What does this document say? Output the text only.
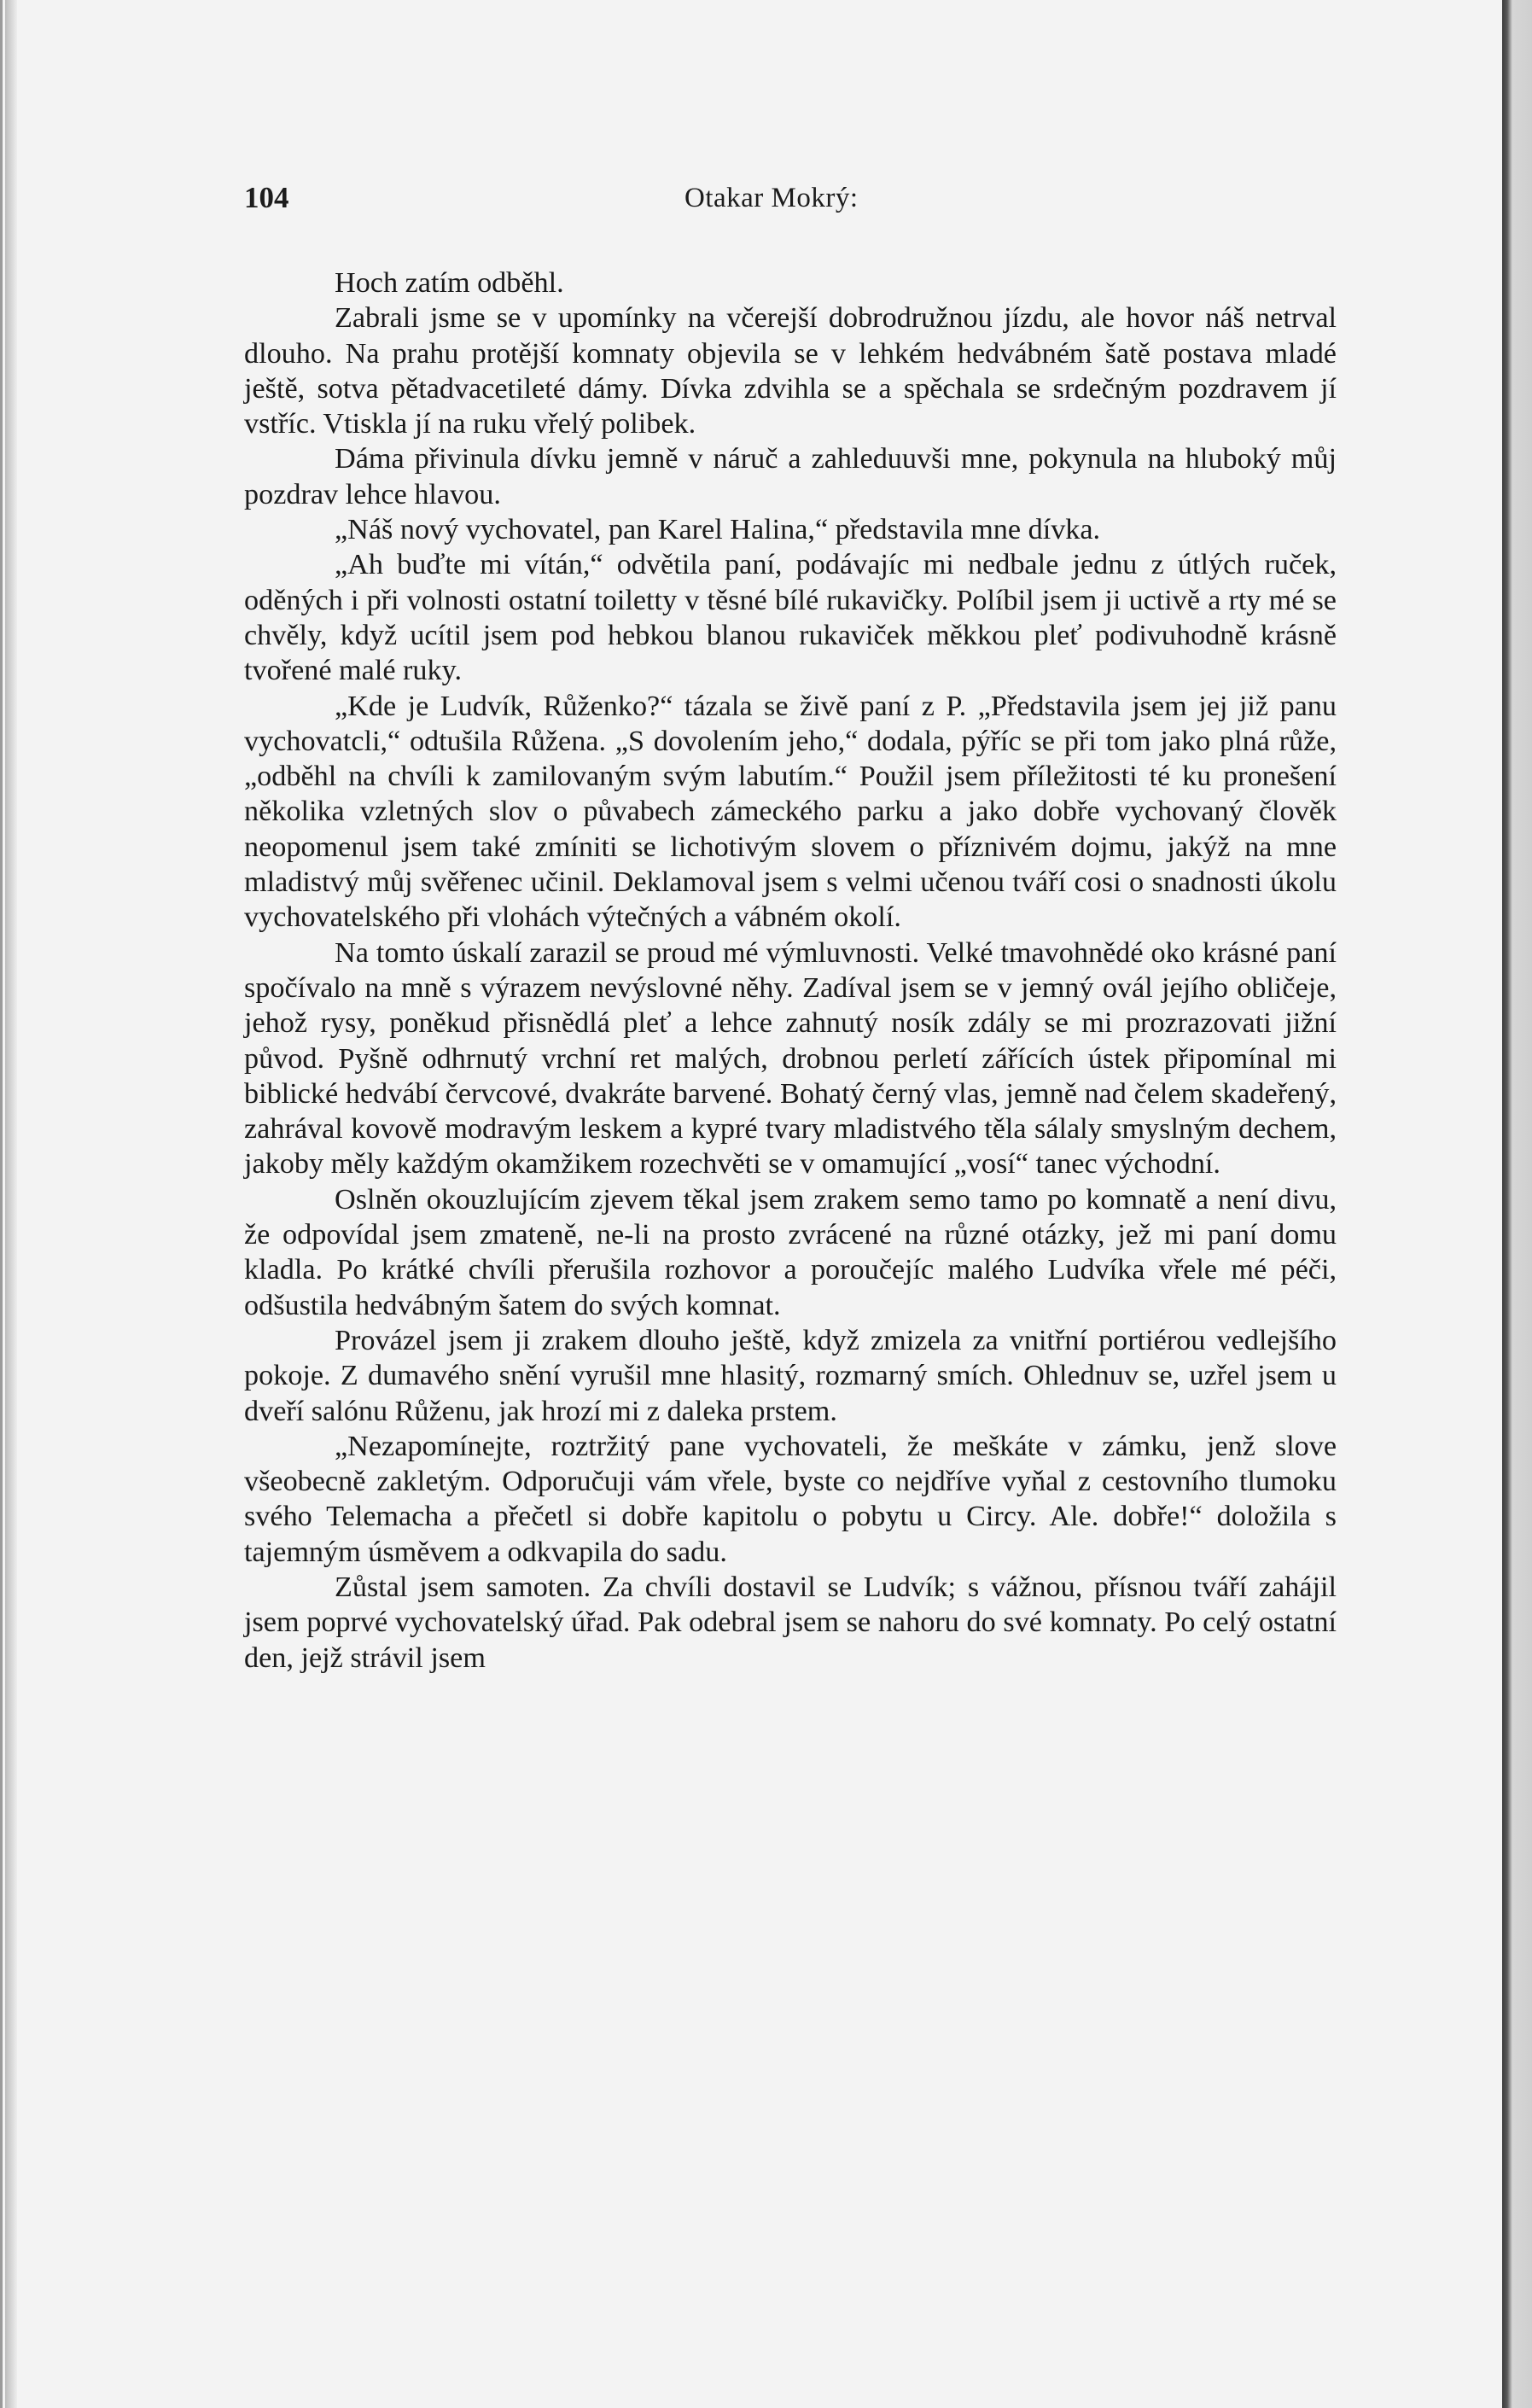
104	Otakar Mokrý:

Hoch zatím odběhl.

Zabrali jsme se v upomínky na včerejší dobrodružnou jízdu, ale hovor náš netrval dlouho. Na prahu protější komnaty objevila se v lehkém hedvábném šatě postava mladé ještě, sotva pětadvacetileté dámy. Dívka zdvihla se a spěchala se srdečným pozdravem jí vstříc. Vtiskla jí na ruku vřelý polibek.

Dáma přivinula dívku jemně v náruč a zahleduuvši mne, pokynula na hluboký můj pozdrav lehce hlavou.

„Náš nový vychovatel, pan Karel Halina,“ představila mne dívka.

„Ah buďte mi vítán,“ odvětila paní, podávajíc mi nedbale jednu z útlých ruček, oděných i při volnosti ostatní toiletty v těsné bílé rukavičky. Políbil jsem ji uctivě a rty mé se chvěly, když ucítil jsem pod hebkou blanou rukaviček měkkou pleť podivuhodně krásně tvořené malé ruky.

„Kde je Ludvík, Růženko?“ tázala se živě paní z P. „Představila jsem jej již panu vychovatcli,“ odtušila Růžena. „S dovolením jeho,“ dodala, pýříc se při tom jako plná růže, „odběhl na chvíli k zamilovaným svým labutím.“ Použil jsem příležitosti té ku pronešení několika vzletných slov o půvabech zámeckého parku a jako dobře vychovaný člověk neopomenul jsem také zmíniti se lichotivým slovem o příznivém dojmu, jakýž na mne mladistvý můj svěřenec učinil. Deklamoval jsem s velmi učenou tváří cosi o snadnosti úkolu vychovatelského při vlohách výtečných a vábném okolí.

Na tomto úskalí zarazil se proud mé výmluvnosti. Velké tmavohnědé oko krásné paní spočívalo na mně s výrazem nevýslovné něhy. Zadíval jsem se v jemný ovál jejího obličeje, jehož rysy, poněkud přisnědlá pleť a lehce zahnutý nosík zdály se mi prozrazovati jižní původ. Pyšně odhrnutý vrchní ret malých, drobnou perletí zářících ústek připomínal mi biblické hedvábí červcové, dvakráte barvené. Bohatý černý vlas, jemně nad čelem skadeřený, zahrával kovově modravým leskem a kypré tvary mladistvého těla sálaly smyslným dechem, jakoby měly každým okamžikem rozechvěti se v omamující „vosí“ tanec východní.

Oslněn okouzlujícím zjevem těkal jsem zrakem semo tamo po komnatě a není divu, že odpovídal jsem zmateně, ne-li na prosto zvrácené na různé otázky, jež mi paní domu kladla. Po krátké chvíli přerušila rozhovor a poroučejíc malého Ludvíka vřele mé péči, odšustila hedvábným šatem do svých komnat.

Provázel jsem ji zrakem dlouho ještě, když zmizela za vnitřní portiérou vedlejšího pokoje. Z dumavého snění vyrušil mne hlasitý, rozmarný smích. Ohlednuv se, uzřel jsem u dveří salónu Růženu, jak hrozí mi z daleka prstem.

„Nezapomínejte, roztržitý pane vychovateli, že meškáte v zámku, jenž slove všeobecně zakletým. Odporučuji vám vřele, byste co nejdříve vyňal z cestovního tlumoku svého Telemacha a přečetl si dobře kapitolu o pobytu u Circy. Ale. dobře!“ doložila s tajemným úsměvem a odkvapila do sadu.

Zůstal jsem samoten. Za chvíli dostavil se Ludvík; s vážnou, přísnou tváří zahájil jsem poprvé vychovatelský úřad. Pak odebral jsem se nahoru do své komnaty. Po celý ostatní den, jejž strávil jsem
